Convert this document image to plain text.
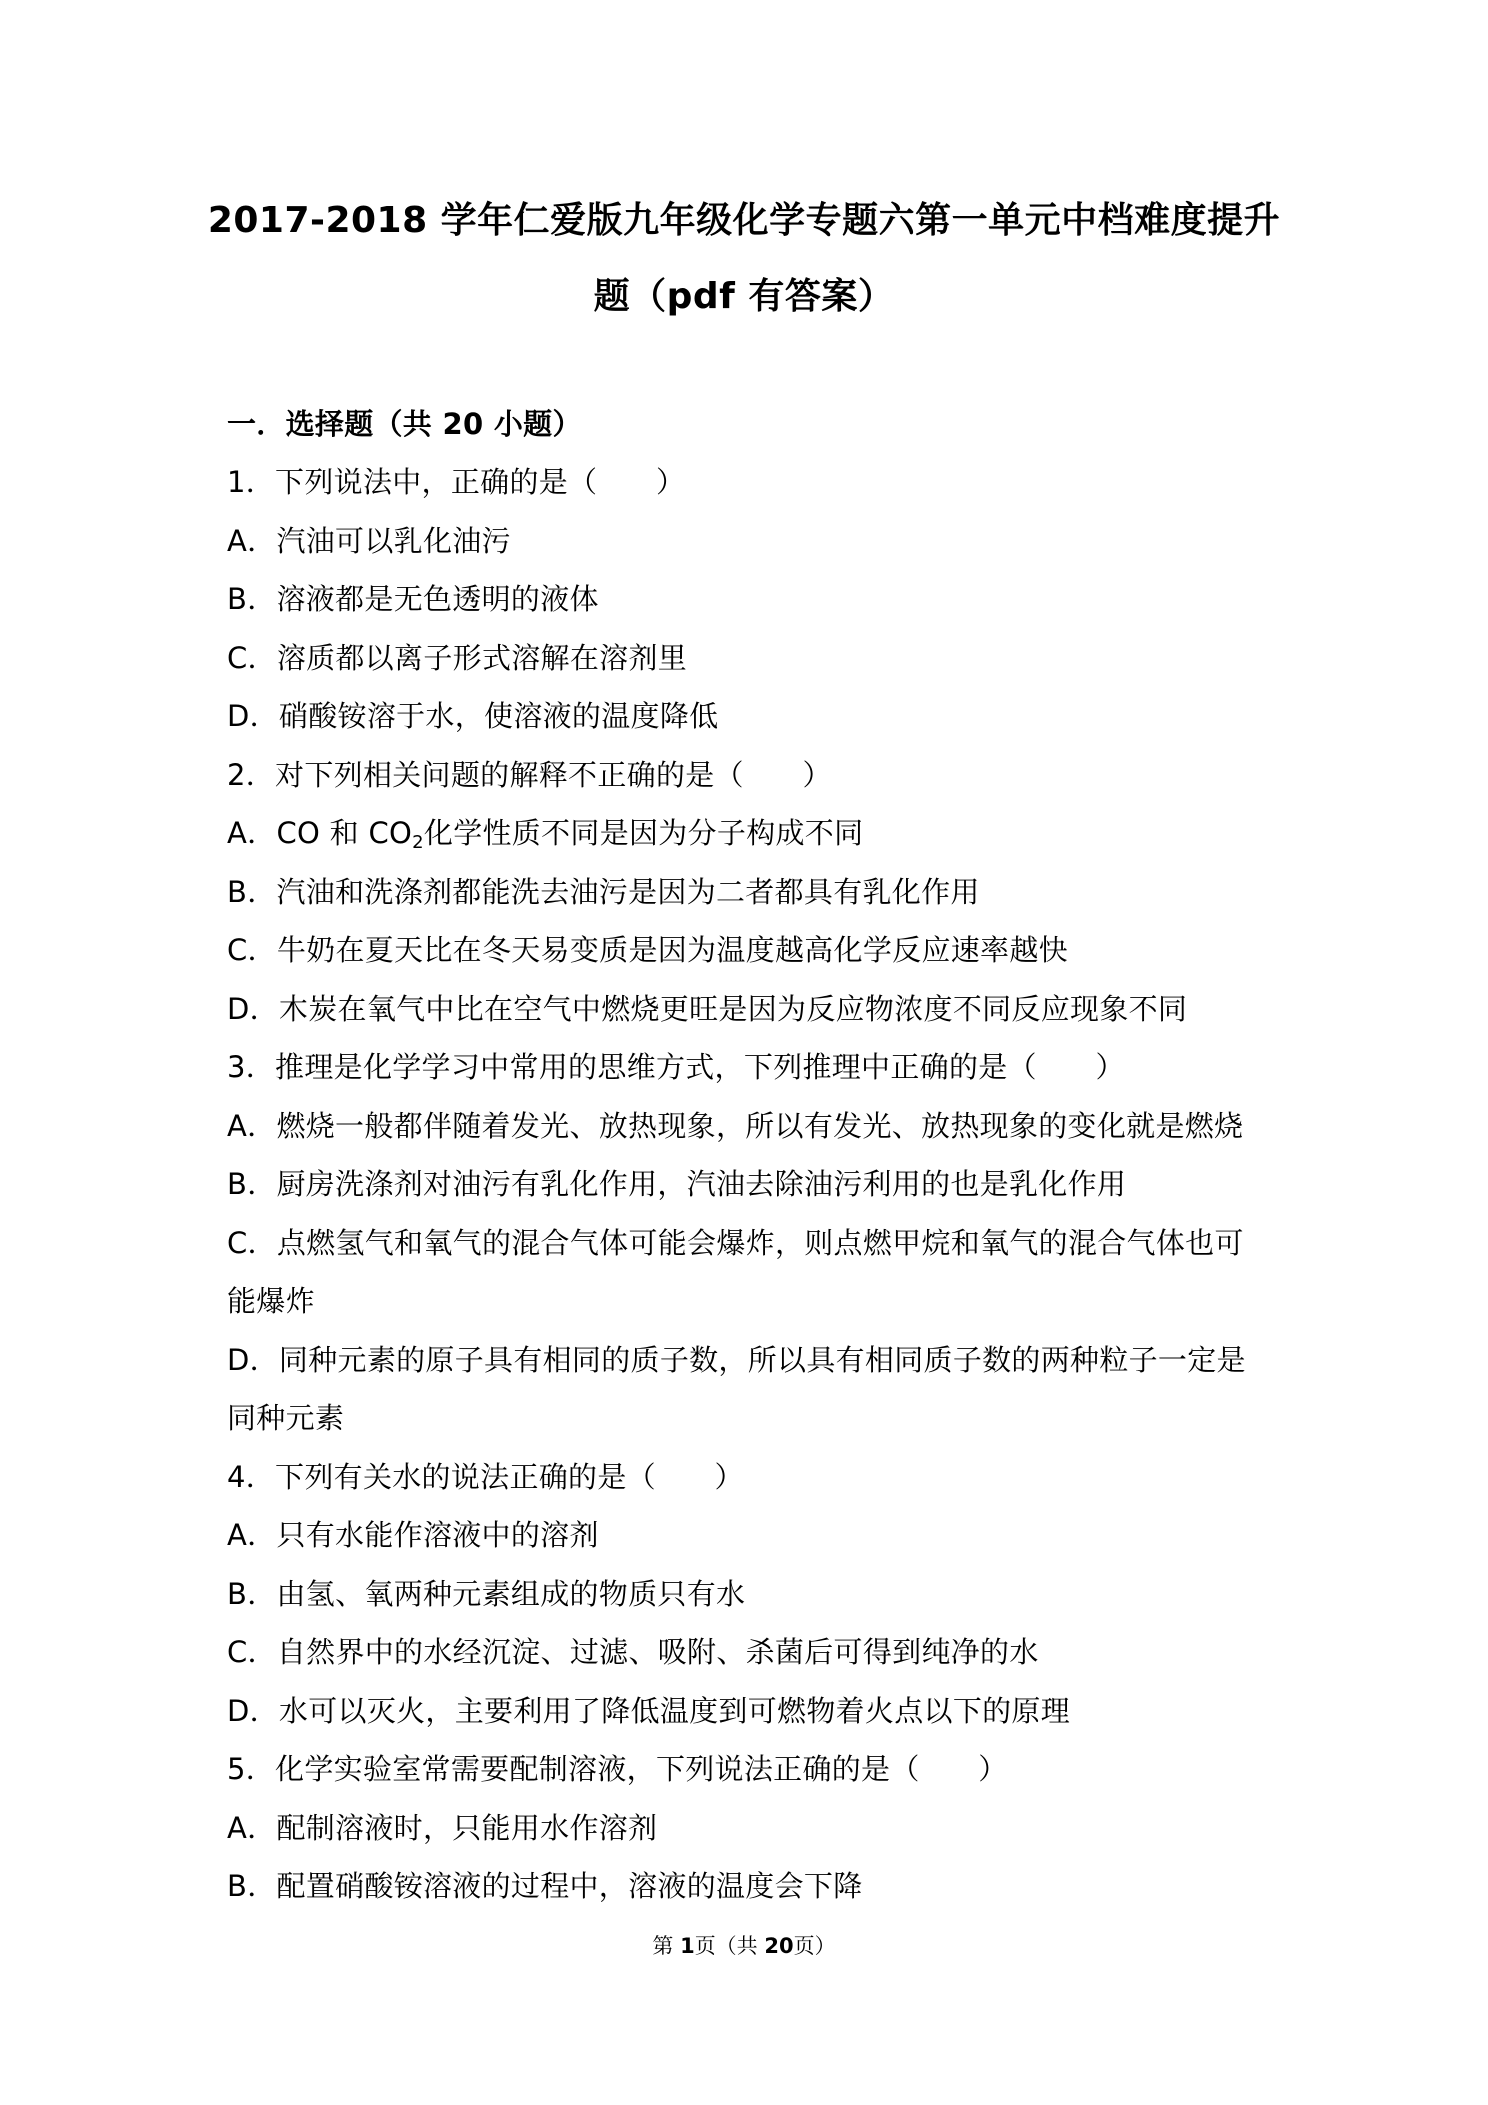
2017-2018 学年仁爱版九年级化学专题六第一单元中档难度提升
题（pdf 有答案）
一．选择题（共 20 小题）
1．下列说法中，正确的是（　　）
A．汽油可以乳化油污
B．溶液都是无色透明的液体
C．溶质都以离子形式溶解在溶剂里
D．硝酸铵溶于水，使溶液的温度降低
2．对下列相关问题的解释不正确的是（　　）
A．CO 和 $CO_2$化学性质不同是因为分子构成不同
B．汽油和洗涤剂都能洗去油污是因为二者都具有乳化作用
C．牛奶在夏天比在冬天易变质是因为温度越高化学反应速率越快
D．木炭在氧气中比在空气中燃烧更旺是因为反应物浓度不同反应现象不同
3．推理是化学学习中常用的思维方式，下列推理中正确的是（　　）
A．燃烧一般都伴随着发光、放热现象，所以有发光、放热现象的变化就是燃烧
B．厨房洗涤剂对油污有乳化作用，汽油去除油污利用的也是乳化作用
C．点燃氢气和氧气的混合气体可能会爆炸，则点燃甲烷和氧气的混合气体也可
能爆炸
D．同种元素的原子具有相同的质子数，所以具有相同质子数的两种粒子一定是
同种元素
4．下列有关水的说法正确的是（　　）
A．只有水能作溶液中的溶剂
B．由氢、氧两种元素组成的物质只有水
C．自然界中的水经沉淀、过滤、吸附、杀菌后可得到纯净的水
D．水可以灭火，主要利用了降低温度到可燃物着火点以下的原理
5．化学实验室常需要配制溶液，下列说法正确的是（　　）
A．配制溶液时，只能用水作溶剂
B．配置硝酸铵溶液的过程中，溶液的温度会下降
第 1页（共 20页）
